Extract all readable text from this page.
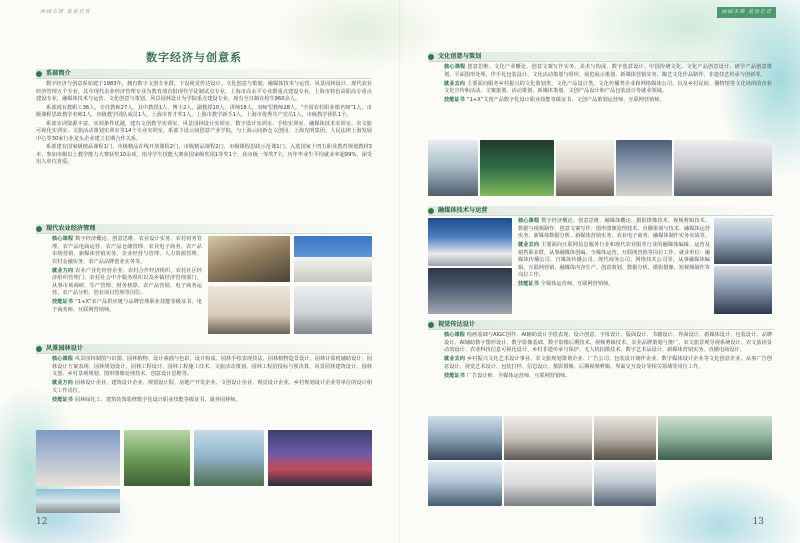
兩屆丰碑 基业长青
数字经济与创意系
系部简介

数字经济与创意系始建于1983年，拥有数字文创专业群，下设视觉传达设计、文化创意与策划、融媒体技术与运营、风景园林设计、现代农业经济管理五个专业，其中现代农业经济管理专业为教育部首批现代学徒制试点专业，上海市高水平专业群重点建设专业，上海市特色高职高专重点建设专业，融媒体技术与运营、文化创意与策划、风景园林设计为学院重点建设专业，现有全日制在校生960余人。

系部现有教职工36人，专任教师27人，其中教授1人，博士2人，副教授10人，讲师18人，双师型教师28人。“全国农村职业课名师”1人，市级课程思政教学名师1人，市级教学团队成员1人，上海市育才奖1人，上海市教学新手1人，上海市优秀共产党员1人，市级教学团队1个。

系部实训资源丰富，实训条件优越，建有文创教学实训室、风景园林设计实训室、数字设计实训室、手绘实训室、融媒体技术实训室、农文旅可视化实训室、文旅活动策划实训室等14个专业实训室，系部下设云间创意产业学院，与上海云间新仓文创园、上海光明集团、人民法律上海发展中心等30家行业龙头企业建立长期合作关系。

系部建有国家级精品课程1门、市级精品在线开放课程2门，市级精品课程2门，市级课程思政示范课1门。入选国家十四五职业教育规划教材3本，参加市级以上教学能力大赛获奖10余项，指导学生技能大赛获国家级奖项1等奖1个，获市级一等奖7个。历年毕业生平均就业率超99%，深受用人单位喜爱。

现代农业经济管理
核心课程 数字经济概论、创意思维、农业设计实务、农村财务管理、农产品电商运营、农产品仓储管理、农业电子商务、农产品市场营销、新媒体营销实务、企业经营与管理、人力资源管理、农村金融实务、农产品品牌创业实务等。
就业方向 农业产业化经营企业、农村合作经济组织、农村社区经济组织管理门、农村社会中介服务组织以及乡镇经济管理部门，从事市场调研、生产管理、财务核算、农产品营销、电子商务运营、农产品分析、创业项目管理等岗位。
技能证书 “1+X”农产品供应链与品牌管理职业技能等级证书、电子商务师、互联网营销师。
风景园林设计
核心课程 风景园林制图与识图、园林植物、设计素描与色彩、设计构成、园林手绘表现技法、园林植物造景设计、园林计算机辅助设计、园林设计方案表现、园林规划设计、园林工程设计、园林工程施工技术、文旅活动策划、园林工程招投标与预决算、风景园林建筑设计、园林文创、乡村景观规划、图形图像处理技术、创意设计思维等。
就业方向 园林设计企业、建筑设计企业、规划设计院、房地产开发企业、文创设计企业、视觉设计企业、乡村规划设计企业等单位的设计相关工作岗位。
技能证书 园林绿化工、建筑装饰装修数字化设计职业技能等级证书、康养园林师。
12
兩屆丰碑 基业长青
文化创意与策划
核心课程 创意思维、文化产业概论、创意文案写作实务、美术与构成、数字创意设计、中国传统文化、文化产品创意设计、研学产品创意策划、平面图形处理、伴手礼包装设计、文化活动策划与组织、展览展示策划、新媒体营销实务、陶艺文化作品制作、非遗技艺传承与创新等。
就业去向 主要面向服务乡村振兴的文化策划类、文化产品设计类、文化传播类企业和网络媒体公司，以及乡村民宿、播物馆等文化场所的企业文化宣传和活动、文案策划、活动策划、新媒体策划、文创产品设计和产品包装设计等就业领域。
技能证书 “1+X”文创产品数字化设计职业技能等级证书、文创产品策划运营师、互联网营销师。
融媒体技术与运营
核心课程 数字经济概论、创意思维、融媒体概论、摄影摄像技术、视频剪辑技术、数据与视频制作、创意文案写作、图形图像处理技术、直播策划与技术、融媒体运营实务、新媒体数据分析、新媒体营销实务、农业电子商务、融媒体制作实务实战等。
就业去向 主要面向互联网信息服务行业和现代农业服务行业的融媒体编辑、运营及销售职业群，从事融媒体创编、全媒体运营、互联网营销等岗位工作。就业单位：融媒体传播公司、自媒体传播公司、现代商务公司、网络技术公司等，从事融媒体编辑、互联网营销、融媒体内容生产、创意策划、数据分析、摄影摄像、短视频制作等岗位工作。
技能证书 全媒体运营师、互联网营销师。
视觉传达设计
核心课程 绘画基础与AIGC创作、AI辅助设计手绘表现、设计创意、字体设计、版面设计、书籍设计、界面设计、新媒体设计、包装设计、品牌设计、AI辅助数字图形设计、数字影像基础、数字影像后期技术、视频剪辑技术、农业品牌策划与推广、农文旅景观导视系统设计、农文旅场景动效设计、农业科技信息可视化设计、乡村非遗传承与保护、无人机拍摄技术、数字艺术品设计、新媒体营销实务、直播电商设计。
就业去向 乡村振兴文化艺术设计事业、农文旅规划策划企业、广告公司、包装设计制作企业、数字媒体设计企业等文化创意企业，从事广告创意设计、视觉艺术设计、包装打样、信息设计、摄影摄像、后期视频剪辑、界面交互设计等相关领域等岗位工作。
技能证书 广告设计师、全媒体运营师、互联网营销师。
13
